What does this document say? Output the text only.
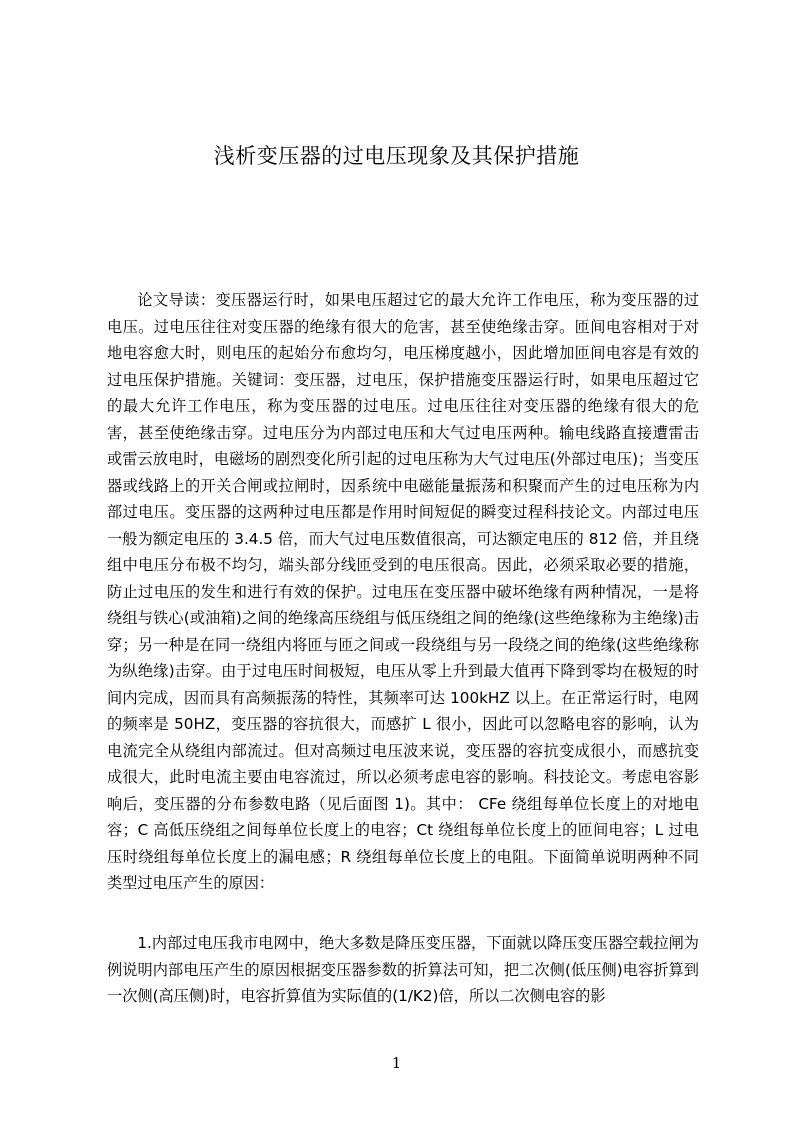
浅析变压器的过电压现象及其保护措施

论文导读：变压器运行时，如果电压超过它的最大允许工作电压，称为变压器的过电压。过电压往往对变压器的绝缘有很大的危害，甚至使绝缘击穿。匝间电容相对于对地电容愈大时，则电压的起始分布愈均匀，电压梯度越小，因此增加匝间电容是有效的过电压保护措施。关键词：变压器，过电压，保护措施变压器运行时，如果电压超过它的最大允许工作电压，称为变压器的过电压。过电压往往对变压器的绝缘有很大的危害，甚至使绝缘击穿。过电压分为内部过电压和大气过电压两种。输电线路直接遭雷击或雷云放电时，电磁场的剧烈变化所引起的过电压称为大气过电压(外部过电压)；当变压器或线路上的开关合闸或拉闸时，因系统中电磁能量振荡和积聚而产生的过电压称为内部过电压。变压器的这两种过电压都是作用时间短促的瞬变过程科技论文。内部过电压一般为额定电压的 3.4.5 倍，而大气过电压数值很高，可达额定电压的 812 倍，并且绕组中电压分布极不均匀，端头部分线匝受到的电压很高。因此，必须采取必要的措施，防止过电压的发生和进行有效的保护。过电压在变压器中破坏绝缘有两种情况，一是将绕组与铁心(或油箱)之间的绝缘高压绕组与低压绕组之间的绝缘(这些绝缘称为主绝缘)击穿；另一种是在同一绕组内将匝与匝之间或一段绕组与另一段绕之间的绝缘(这些绝缘称为纵绝缘)击穿。由于过电压时间极短，电压从零上升到最大值再下降到零均在极短的时间内完成，因而具有高频振荡的特性，其频率可达 100kHZ 以上。在正常运行时，电网的频率是 50HZ，变压器的容抗很大，而感扩 L 很小，因此可以忽略电容的影响，认为电流完全从绕组内部流过。但对高频过电压波来说，变压器的容抗变成很小，而感抗变成很大，此时电流主要由电容流过，所以必须考虑电容的影响。科技论文。考虑电容影响后，变压器的分布参数电路（见后面图 1)。其中： CFe 绕组每单位长度上的对地电容；C 高低压绕组之间每单位长度上的电容；Ct 绕组每单位长度上的匝间电容；L 过电压时绕组每单位长度上的漏电感；R 绕组每单位长度上的电阻。下面简单说明两种不同类型过电压产生的原因：

1.内部过电压我市电网中，绝大多数是降压变压器，下面就以降压变压器空载拉闸为例说明内部电压产生的原因根据变压器参数的折算法可知，把二次侧(低压侧)电容折算到一次侧(高压侧)时，电容折算值为实际值的(1/K2)倍，所以二次侧电容的影

1
